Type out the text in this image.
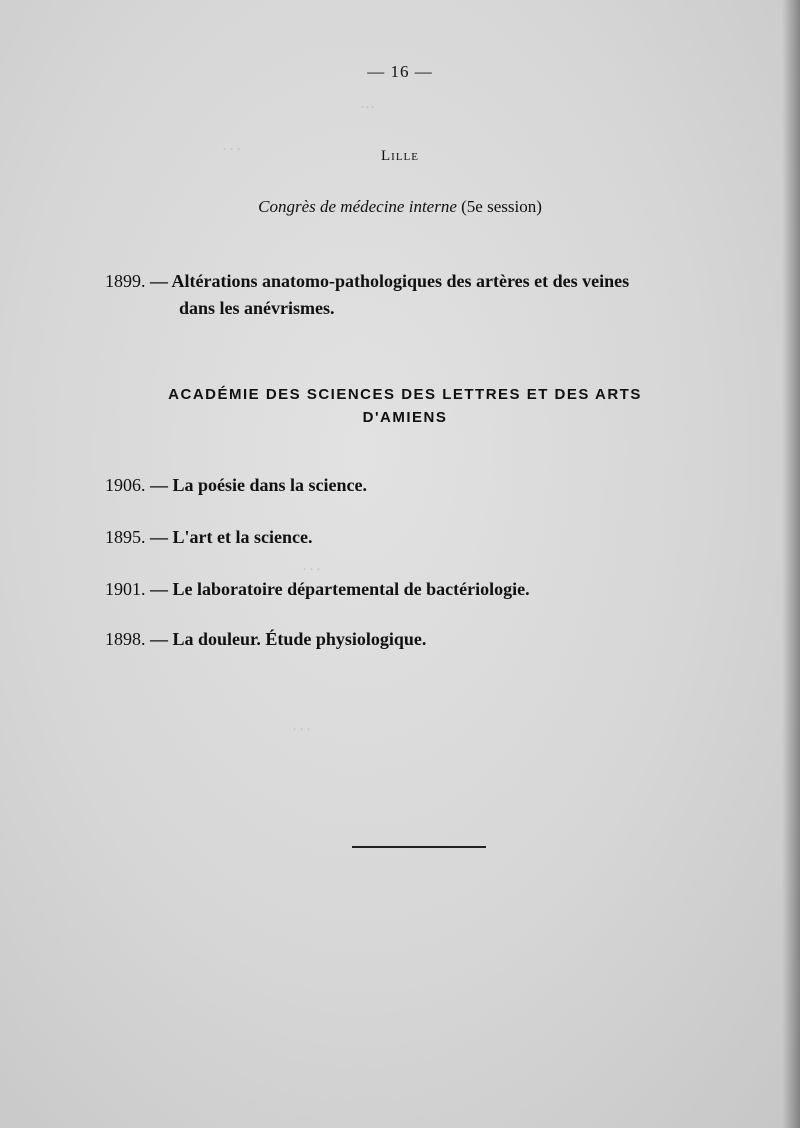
···
···
···
···
— 16 —
Lille
Congrès de médecine interne (5e session)
1899. — Altérations anatomo-pathologiques des artères et des veines
dans les anévrismes.
ACADÉMIE DES SCIENCES DES LETTRES ET DES ARTS
D'AMIENS
1906. — La poésie dans la science.
1895. — L'art et la science.
1901. — Le laboratoire départemental de bactériologie.
1898. — La douleur. Étude physiologique.
